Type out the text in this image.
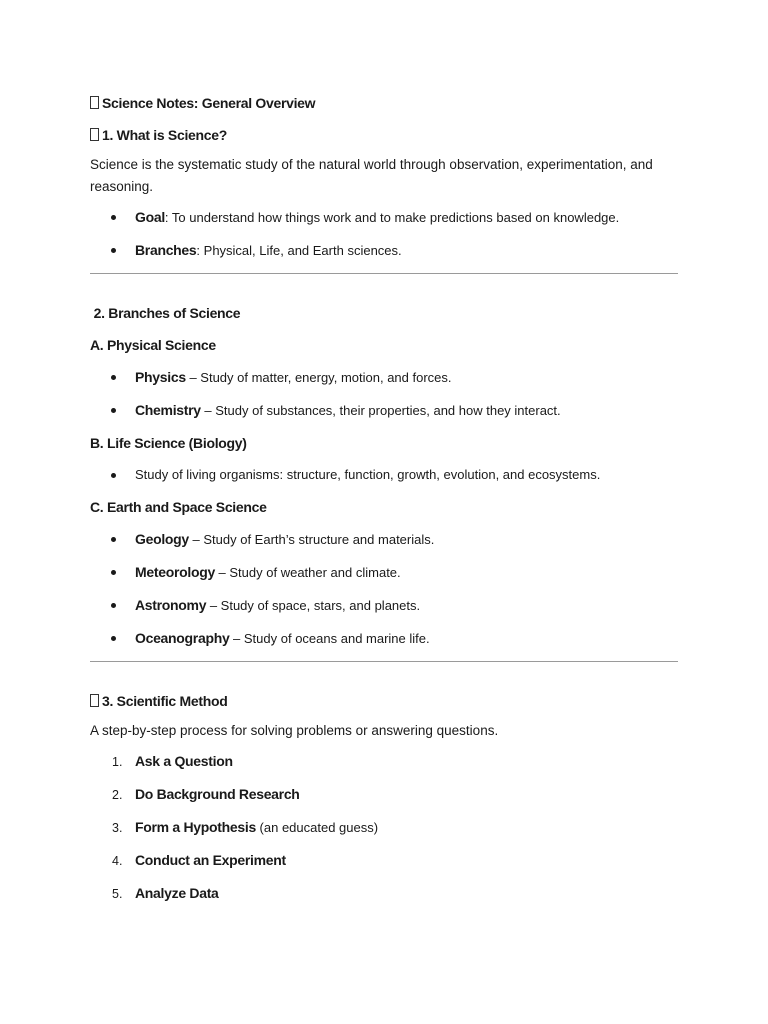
Science Notes: General Overview

1. What is Science?

Science is the systematic study of the natural world through observation, experimentation, and reasoning.

Goal: To understand how things work and to make predictions based on knowledge.
Branches: Physical, Life, and Earth sciences.

2. Branches of Science

A. Physical Science

Physics – Study of matter, energy, motion, and forces.
Chemistry – Study of substances, their properties, and how they interact.

B. Life Science (Biology)

Study of living organisms: structure, function, growth, evolution, and ecosystems.

C. Earth and Space Science

Geology – Study of Earth’s structure and materials.
Meteorology – Study of weather and climate.
Astronomy – Study of space, stars, and planets.
Oceanography – Study of oceans and marine life.

3. Scientific Method

A step-by-step process for solving problems or answering questions.

1. Ask a Question
2. Do Background Research
3. Form a Hypothesis (an educated guess)
4. Conduct an Experiment
5. Analyze Data
